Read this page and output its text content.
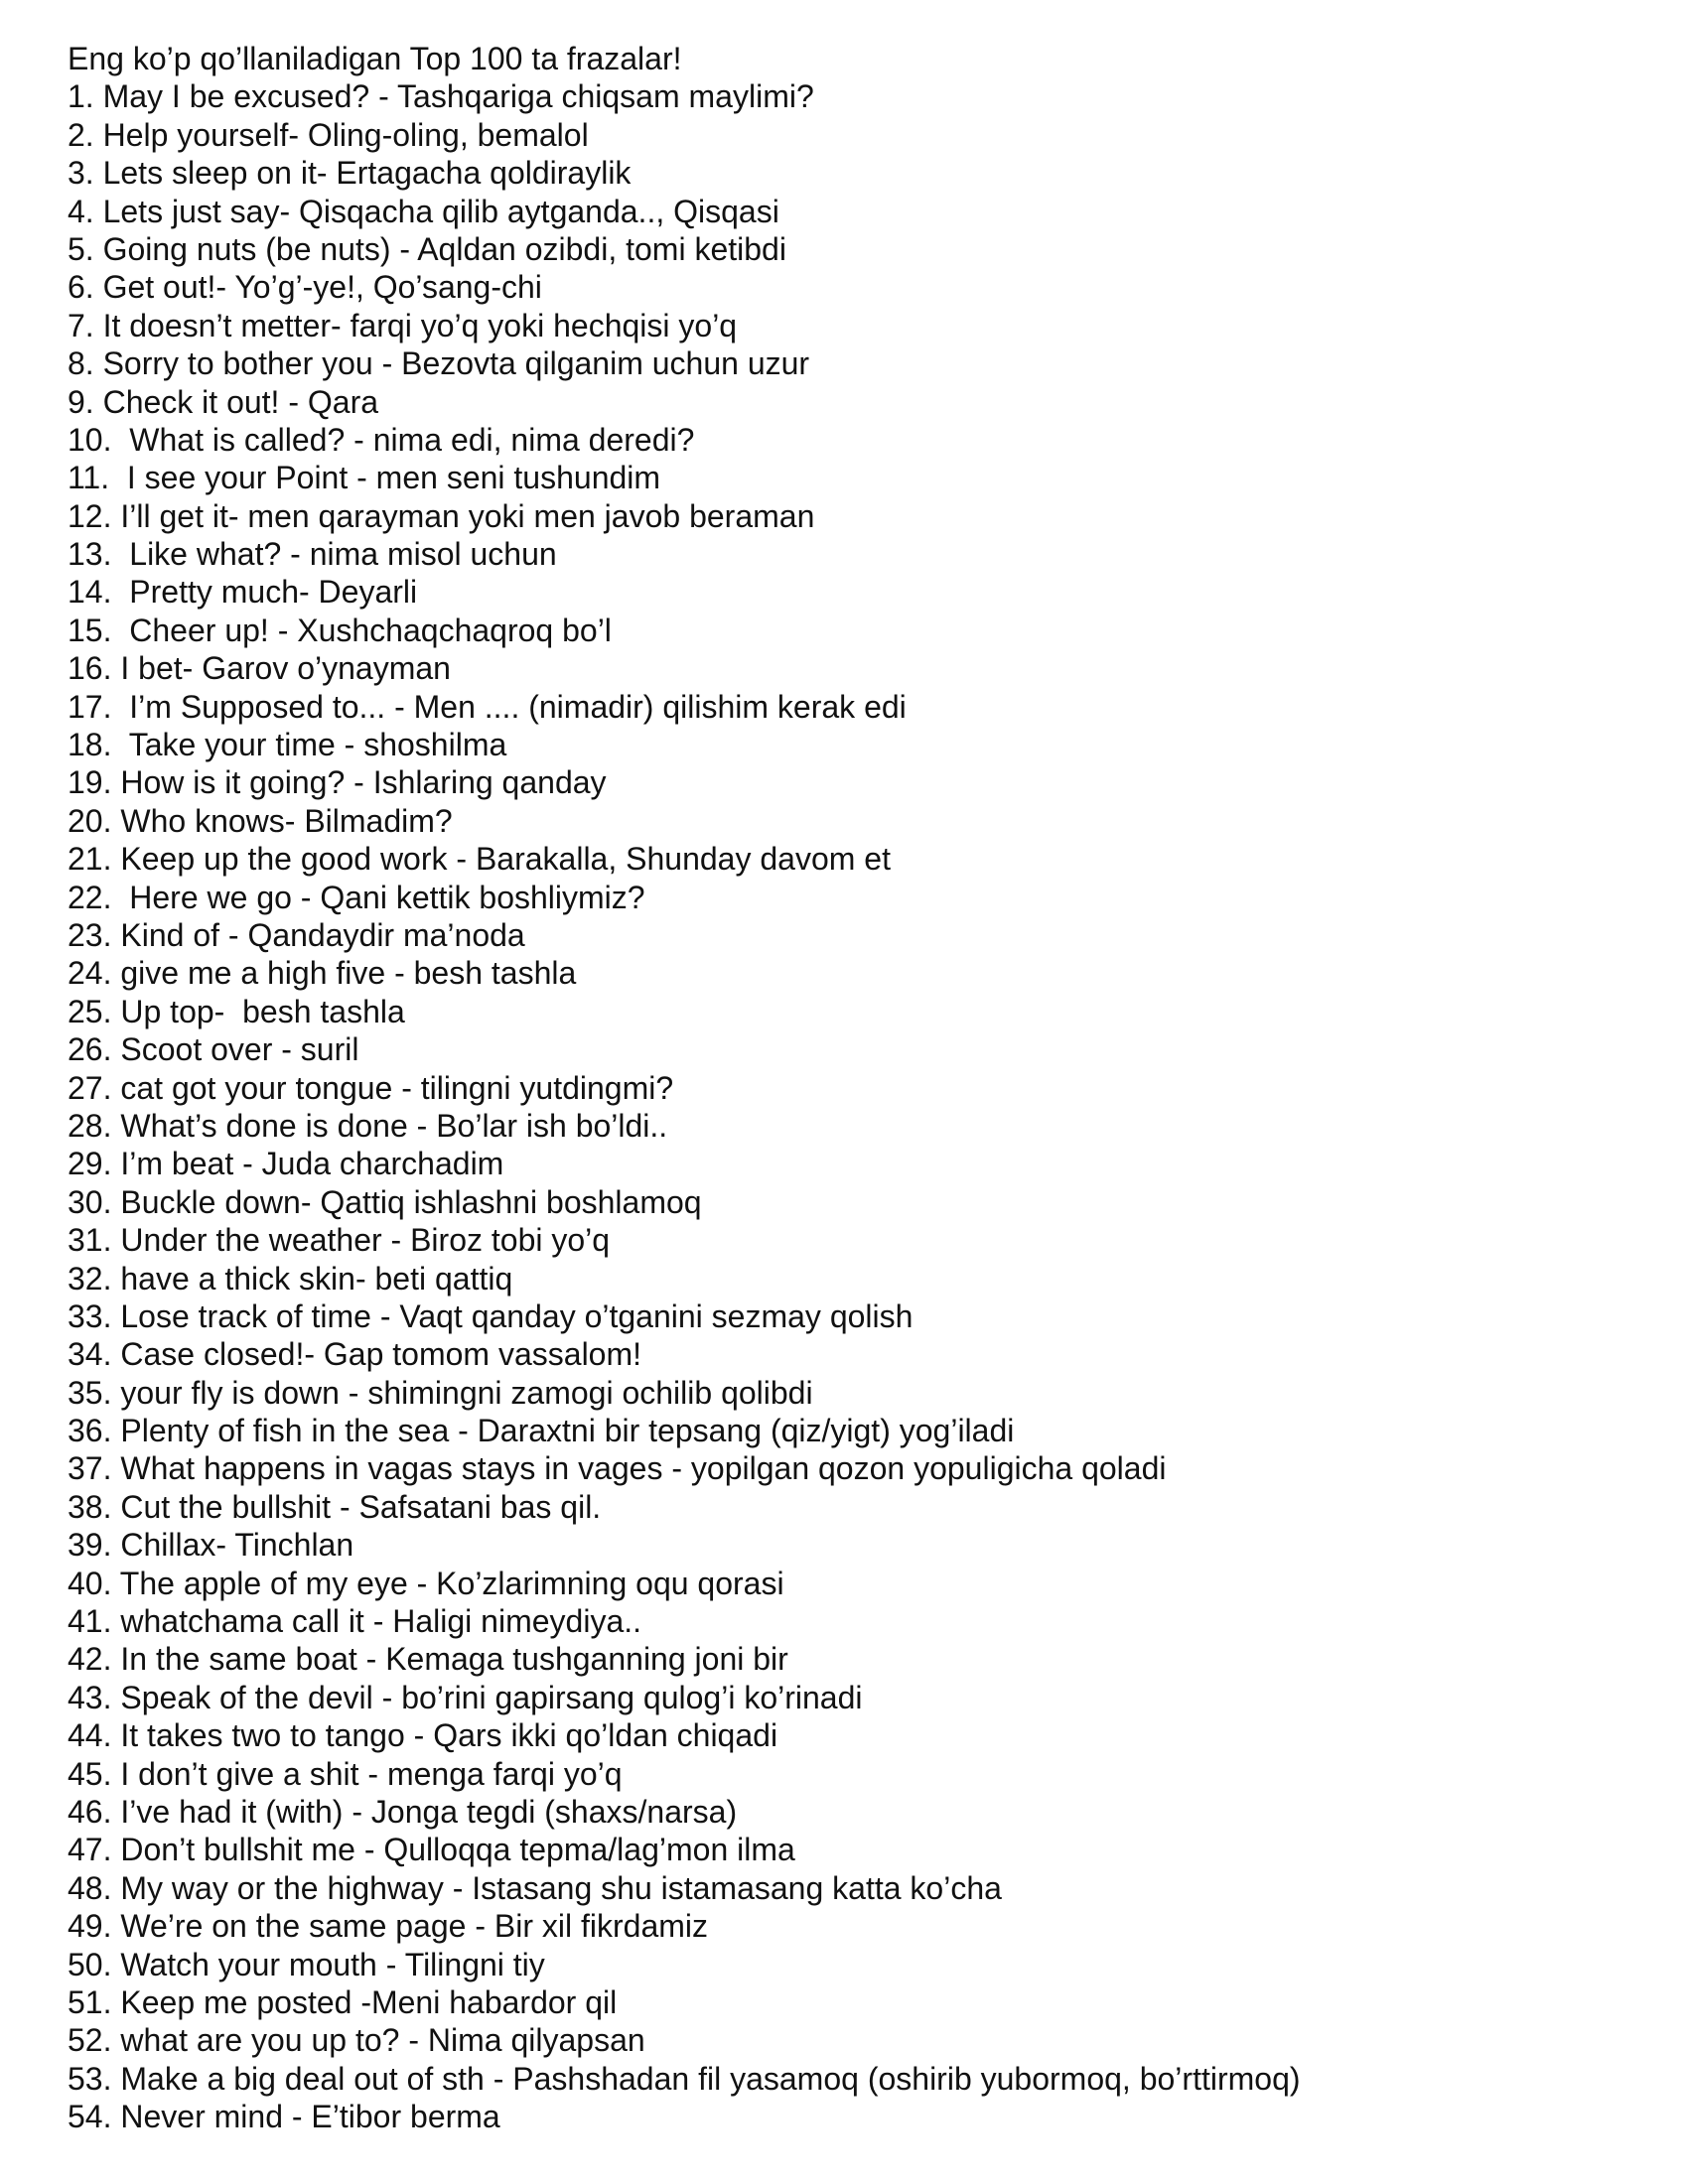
Eng ko’p qo’llaniladigan Top 100 ta frazalar!
1. May I be excused? - Tashqariga chiqsam maylimi?
2. Help yourself- Oling-oling, bemalol
3. Lets sleep on it- Ertagacha qoldiraylik
4. Lets just say- Qisqacha qilib aytganda.., Qisqasi
5. Going nuts (be nuts) - Aqldan ozibdi, tomi ketibdi
6. Get out!- Yo’g’-ye!, Qo’sang-chi
7. It doesn’t metter- farqi yo’q yoki hechqisi yo’q
8. Sorry to bother you - Bezovta qilganim uchun uzur
9. Check it out! - Qara
10.  What is called? - nima edi, nima deredi?
11.  I see your Point - men seni tushundim
12. I’ll get it- men qarayman yoki men javob beraman
13.  Like what? - nima misol uchun
14.  Pretty much- Deyarli
15.  Cheer up! - Xushchaqchaqroq bo’l
16. I bet- Garov o’ynayman
17.  I’m Supposed to... - Men .... (nimadir) qilishim kerak edi
18.  Take your time - shoshilma
19. How is it going? - Ishlaring qanday
20. Who knows- Bilmadim?
21. Keep up the good work - Barakalla, Shunday davom et
22.  Here we go - Qani kettik boshliymiz?
23. Kind of - Qandaydir ma’noda
24. give me a high five - besh tashla
25. Up top-  besh tashla
26. Scoot over - suril
27. cat got your tongue - tilingni yutdingmi?
28. What’s done is done - Bo’lar ish bo’ldi..
29. I’m beat - Juda charchadim
30. Buckle down- Qattiq ishlashni boshlamoq
31. Under the weather - Biroz tobi yo’q
32. have a thick skin- beti qattiq
33. Lose track of time - Vaqt qanday o’tganini sezmay qolish
34. Case closed!- Gap tomom vassalom!
35. your fly is down - shimingni zamogi ochilib qolibdi
36. Plenty of fish in the sea - Daraxtni bir tepsang (qiz/yigt) yog’iladi
37. What happens in vagas stays in vages - yopilgan qozon yopuligicha qoladi
38. Cut the bullshit - Safsatani bas qil.
39. Chillax- Tinchlan
40. The apple of my eye - Ko’zlarimning oqu qorasi
41. whatchama call it - Haligi nimeydiya..
42. In the same boat - Kemaga tushganning joni bir
43. Speak of the devil - bo’rini gapirsang qulog’i ko’rinadi
44. It takes two to tango - Qars ikki qo’ldan chiqadi
45. I don’t give a shit - menga farqi yo’q
46. I’ve had it (with) - Jonga tegdi (shaxs/narsa)
47. Don’t bullshit me - Qulloqqa tepma/lag’mon ilma
48. My way or the highway - Istasang shu istamasang katta ko’cha
49. We’re on the same page - Bir xil fikrdamiz
50. Watch your mouth - Tilingni tiy
51. Keep me posted -Meni habardor qil
52. what are you up to? - Nima qilyapsan
53. Make a big deal out of sth - Pashshadan fil yasamoq (oshirib yubormoq, bo’rttirmoq)
54. Never mind - E’tibor berma
